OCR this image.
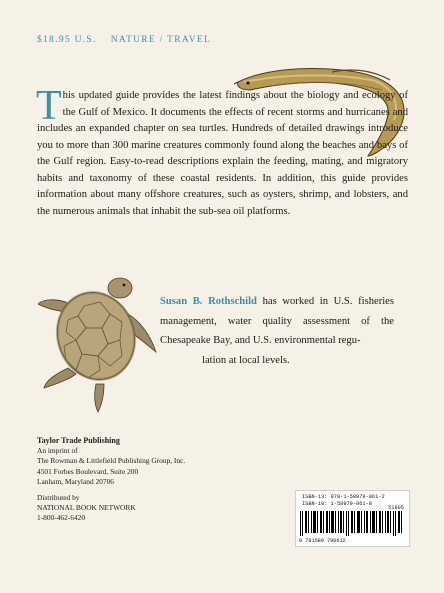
$18.95 U.S. NATURE / TRAVEL
T his updated guide provides the latest findings about the biology and ecology of the Gulf of Mexico. It documents the effects of recent storms and hurricanes and includes an expanded chapter on sea turtles. Hundreds of detailed drawings introduce you to more than 300 marine creatures commonly found along the beaches and bays of the Gulf region. Easy-to-read descriptions explain the feeding, mating, and migratory habits and taxonomy of these coastal residents. In addition, this guide provides information about many offshore creatures, such as oysters, shrimp, and lobsters, and the numerous animals that inhabit the sub-sea oil platforms.
Susan B. Rothschild has worked in U.S. fisheries management, water quality assessment of the Chesapeake Bay, and U.S. environmental regu-
lation at local levels.
Taylor Trade Publishing
An imprint of
The Rowman & Littlefield Publishing Group, Inc.
4501 Forbes Boulevard, Suite 200
Lanham, Maryland 20706
Distributed by
NATIONAL BOOK NETWORK
1-800-462-6420
ISBN-13: 978-1-58979-061-2
ISBN-10: 1-58979-061-8
51895
9 781589 790612
